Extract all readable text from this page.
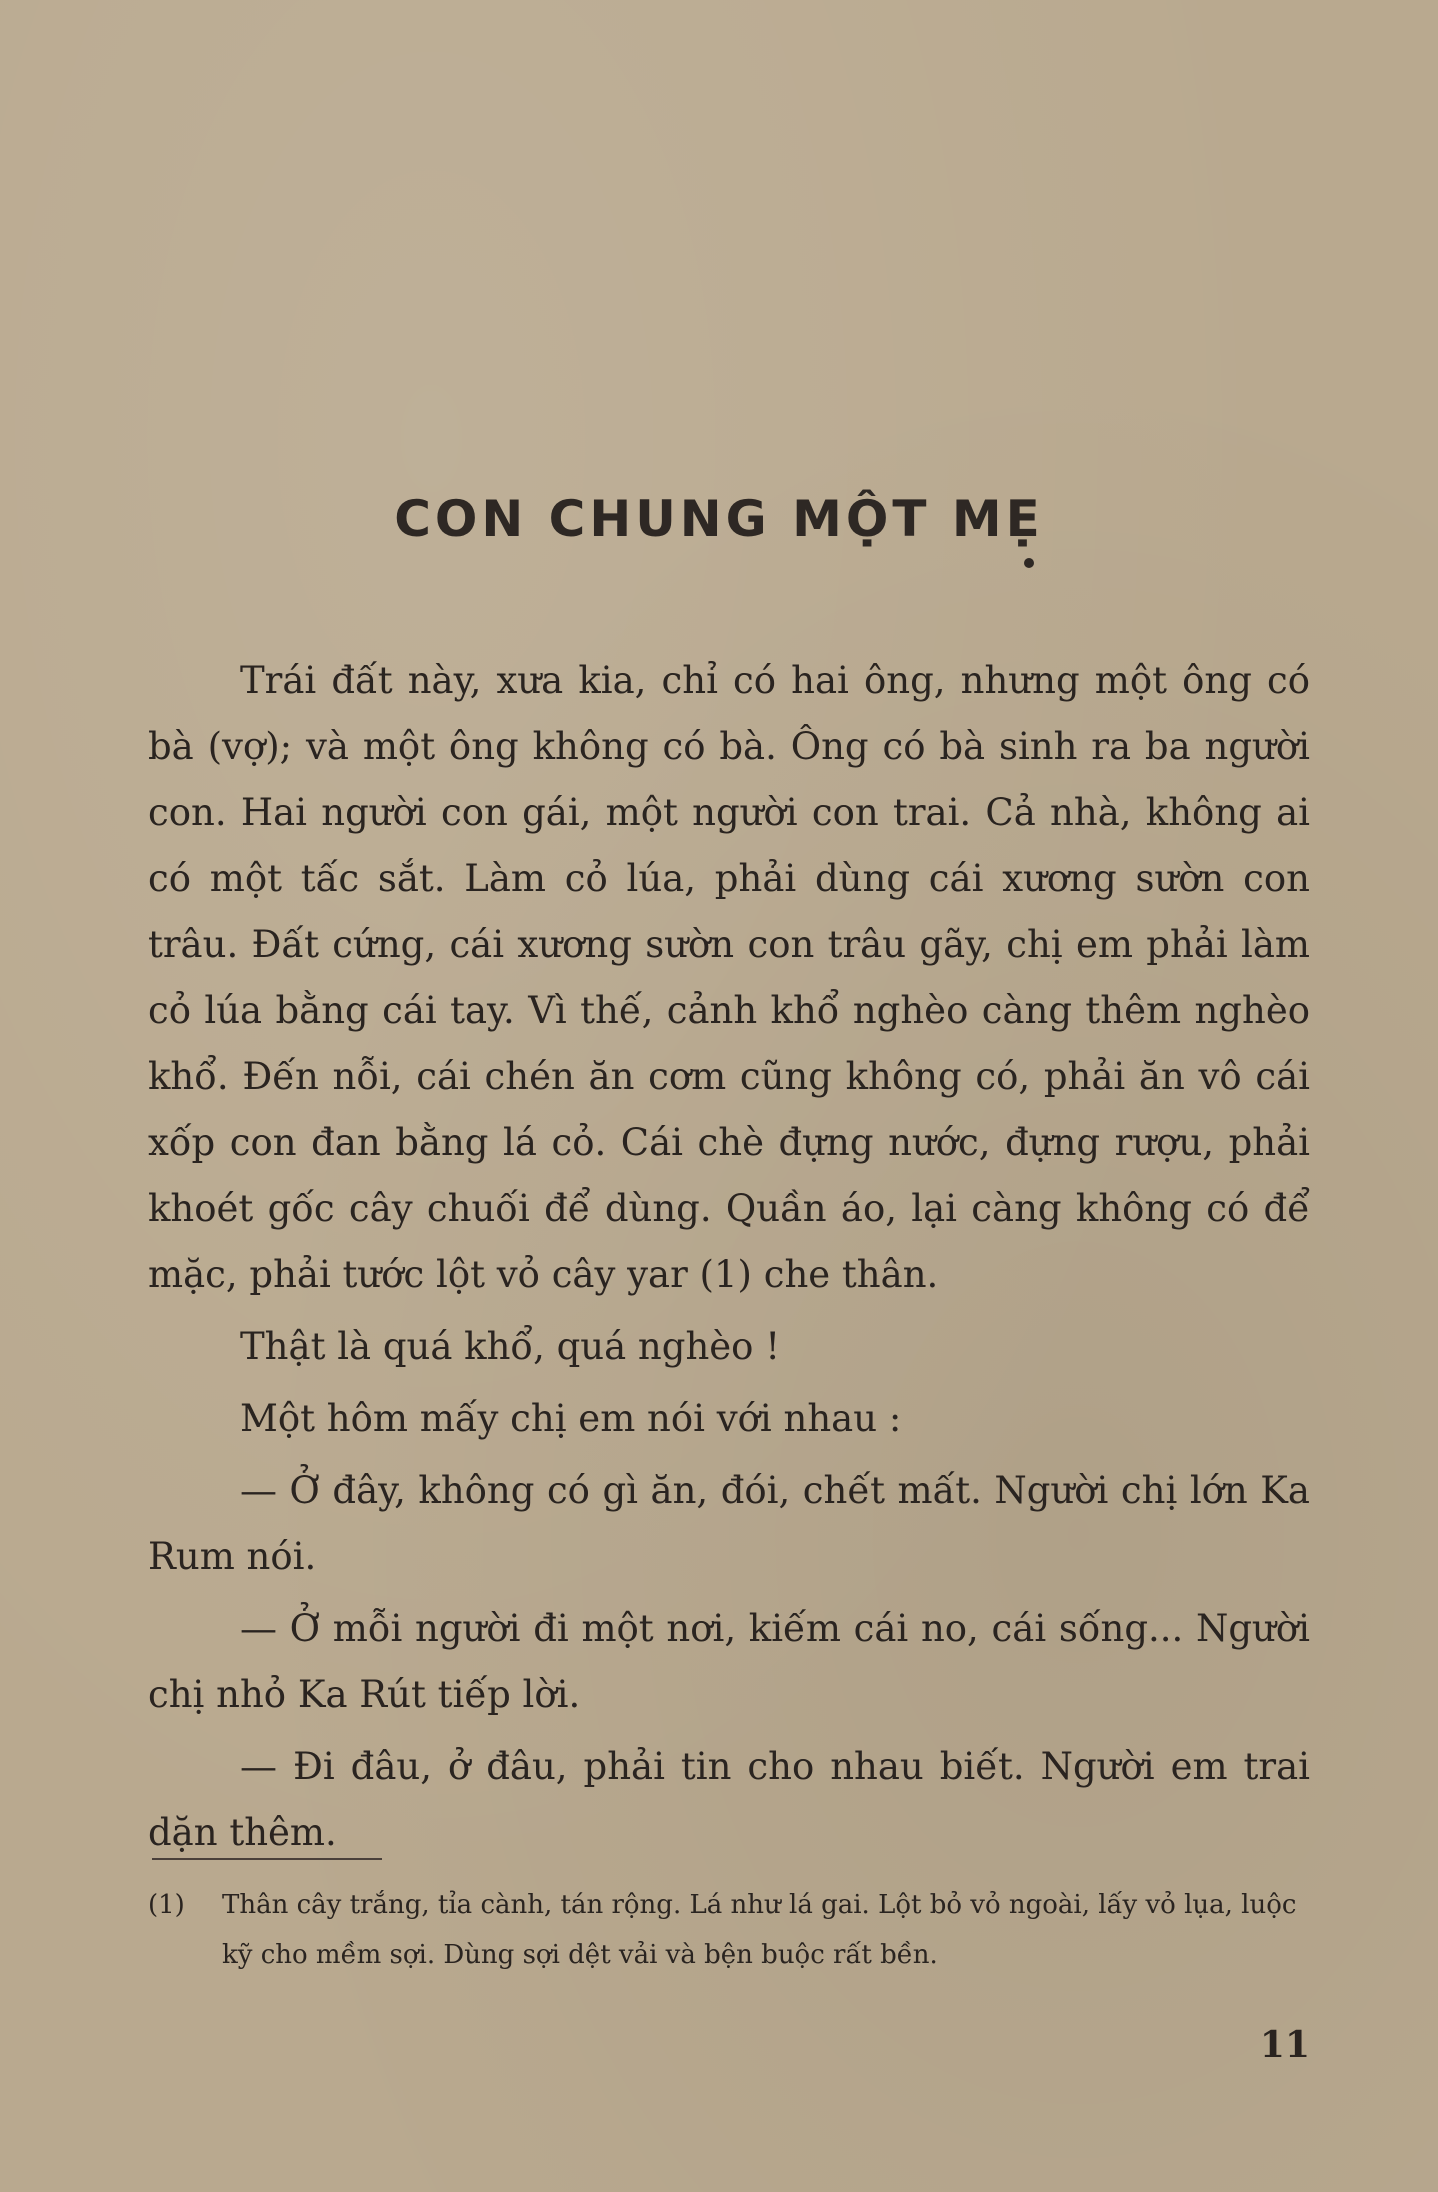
CON CHUNG MỘT MẸ

Trái đất này, xưa kia, chỉ có hai ông, nhưng một ông có bà (vợ); và một ông không có bà. Ông có bà sinh ra ba người con. Hai người con gái, một người con trai. Cả nhà, không ai có một tấc sắt. Làm cỏ lúa, phải dùng cái xương sườn con trâu. Đất cứng, cái xương sườn con trâu gãy, chị em phải làm cỏ lúa bằng cái tay. Vì thế, cảnh khổ nghèo càng thêm nghèo khổ. Đến nỗi, cái chén ăn cơm cũng không có, phải ăn vô cái xốp con đan bằng lá cỏ. Cái chè đựng nước, đựng rượu, phải khoét gốc cây chuối để dùng. Quần áo, lại càng không có để mặc, phải tước lột vỏ cây yar (1) che thân.

Thật là quá khổ, quá nghèo !

Một hôm mấy chị em nói với nhau :

— Ở đây, không có gì ăn, đói, chết mất. Người chị lớn Ka Rum nói.

— Ở mỗi người đi một nơi, kiếm cái no, cái sống... Người chị nhỏ Ka Rút tiếp lời.

— Đi đâu, ở đâu, phải tin cho nhau biết. Người em trai dặn thêm.

(1) Thân cây trắng, tỉa cành, tán rộng. Lá như lá gai. Lột bỏ vỏ ngoài, lấy vỏ lụa, luộc kỹ cho mềm sợi. Dùng sợi dệt vải và bện buộc rất bền.
11
